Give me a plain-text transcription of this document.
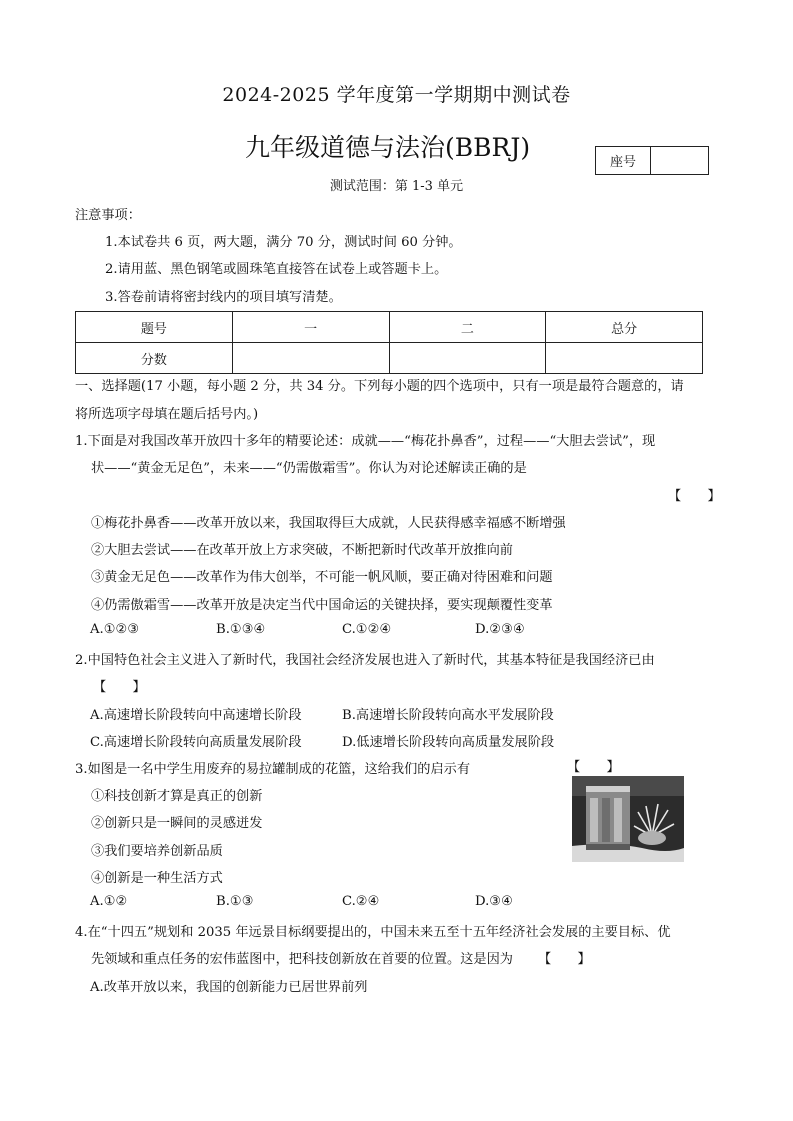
2024-2025 学年度第一学期期中测试卷
九年级道德与法治(BBRJ)
座号
测试范围：第 1-3 单元
注意事项：
1.本试卷共 6 页，两大题，满分 70 分，测试时间 60 分钟。
2.请用蓝、黑色钢笔或圆珠笔直接答在试卷上或答题卡上。
3.答卷前请将密封线内的项目填写清楚。
题号	一	二	总分
分数			
一、选择题(17 小题，每小题 2 分，共 34 分。下列每小题的四个选项中，只有一项是最符合题意的，请
将所选项字母填在题后括号内。)
1.下面是对我国改革开放四十多年的精要论述：成就——“梅花扑鼻香”，过程——“大胆去尝试”，现
状——“黄金无足色”，未来——“仍需傲霜雪”。你认为对论述解读正确的是
【　　】
①梅花扑鼻香——改革开放以来，我国取得巨大成就，人民获得感幸福感不断增强
②大胆去尝试——在改革开放上方求突破，不断把新时代改革开放推向前
③黄金无足色——改革作为伟大创举，不可能一帆风顺，要正确对待困难和问题
④仍需傲霜雪——改革开放是决定当代中国命运的关键抉择，要实现颠覆性变革
A.①②③	B.①③④	C.①②④	D.②③④
2.中国特色社会主义进入了新时代，我国社会经济发展也进入了新时代，其基本特征是我国经济已由
【　　】
A.高速增长阶段转向中高速增长阶段	B.高速增长阶段转向高水平发展阶段
C.高速增长阶段转向高质量发展阶段	D.低速增长阶段转向高质量发展阶段
3.如图是一名中学生用废弃的易拉罐制成的花篮，这给我们的启示有	【　　】
①科技创新才算是真正的创新
②创新只是一瞬间的灵感迸发
③我们要培养创新品质
④创新是一种生活方式
A.①②	B.①③	C.②④	D.③④
4.在“十四五”规划和 2035 年远景目标纲要提出的，中国未来五至十五年经济社会发展的主要目标、优
先领域和重点任务的宏伟蓝图中，把科技创新放在首要的位置。这是因为 【　　】
A.改革开放以来，我国的创新能力已居世界前列
